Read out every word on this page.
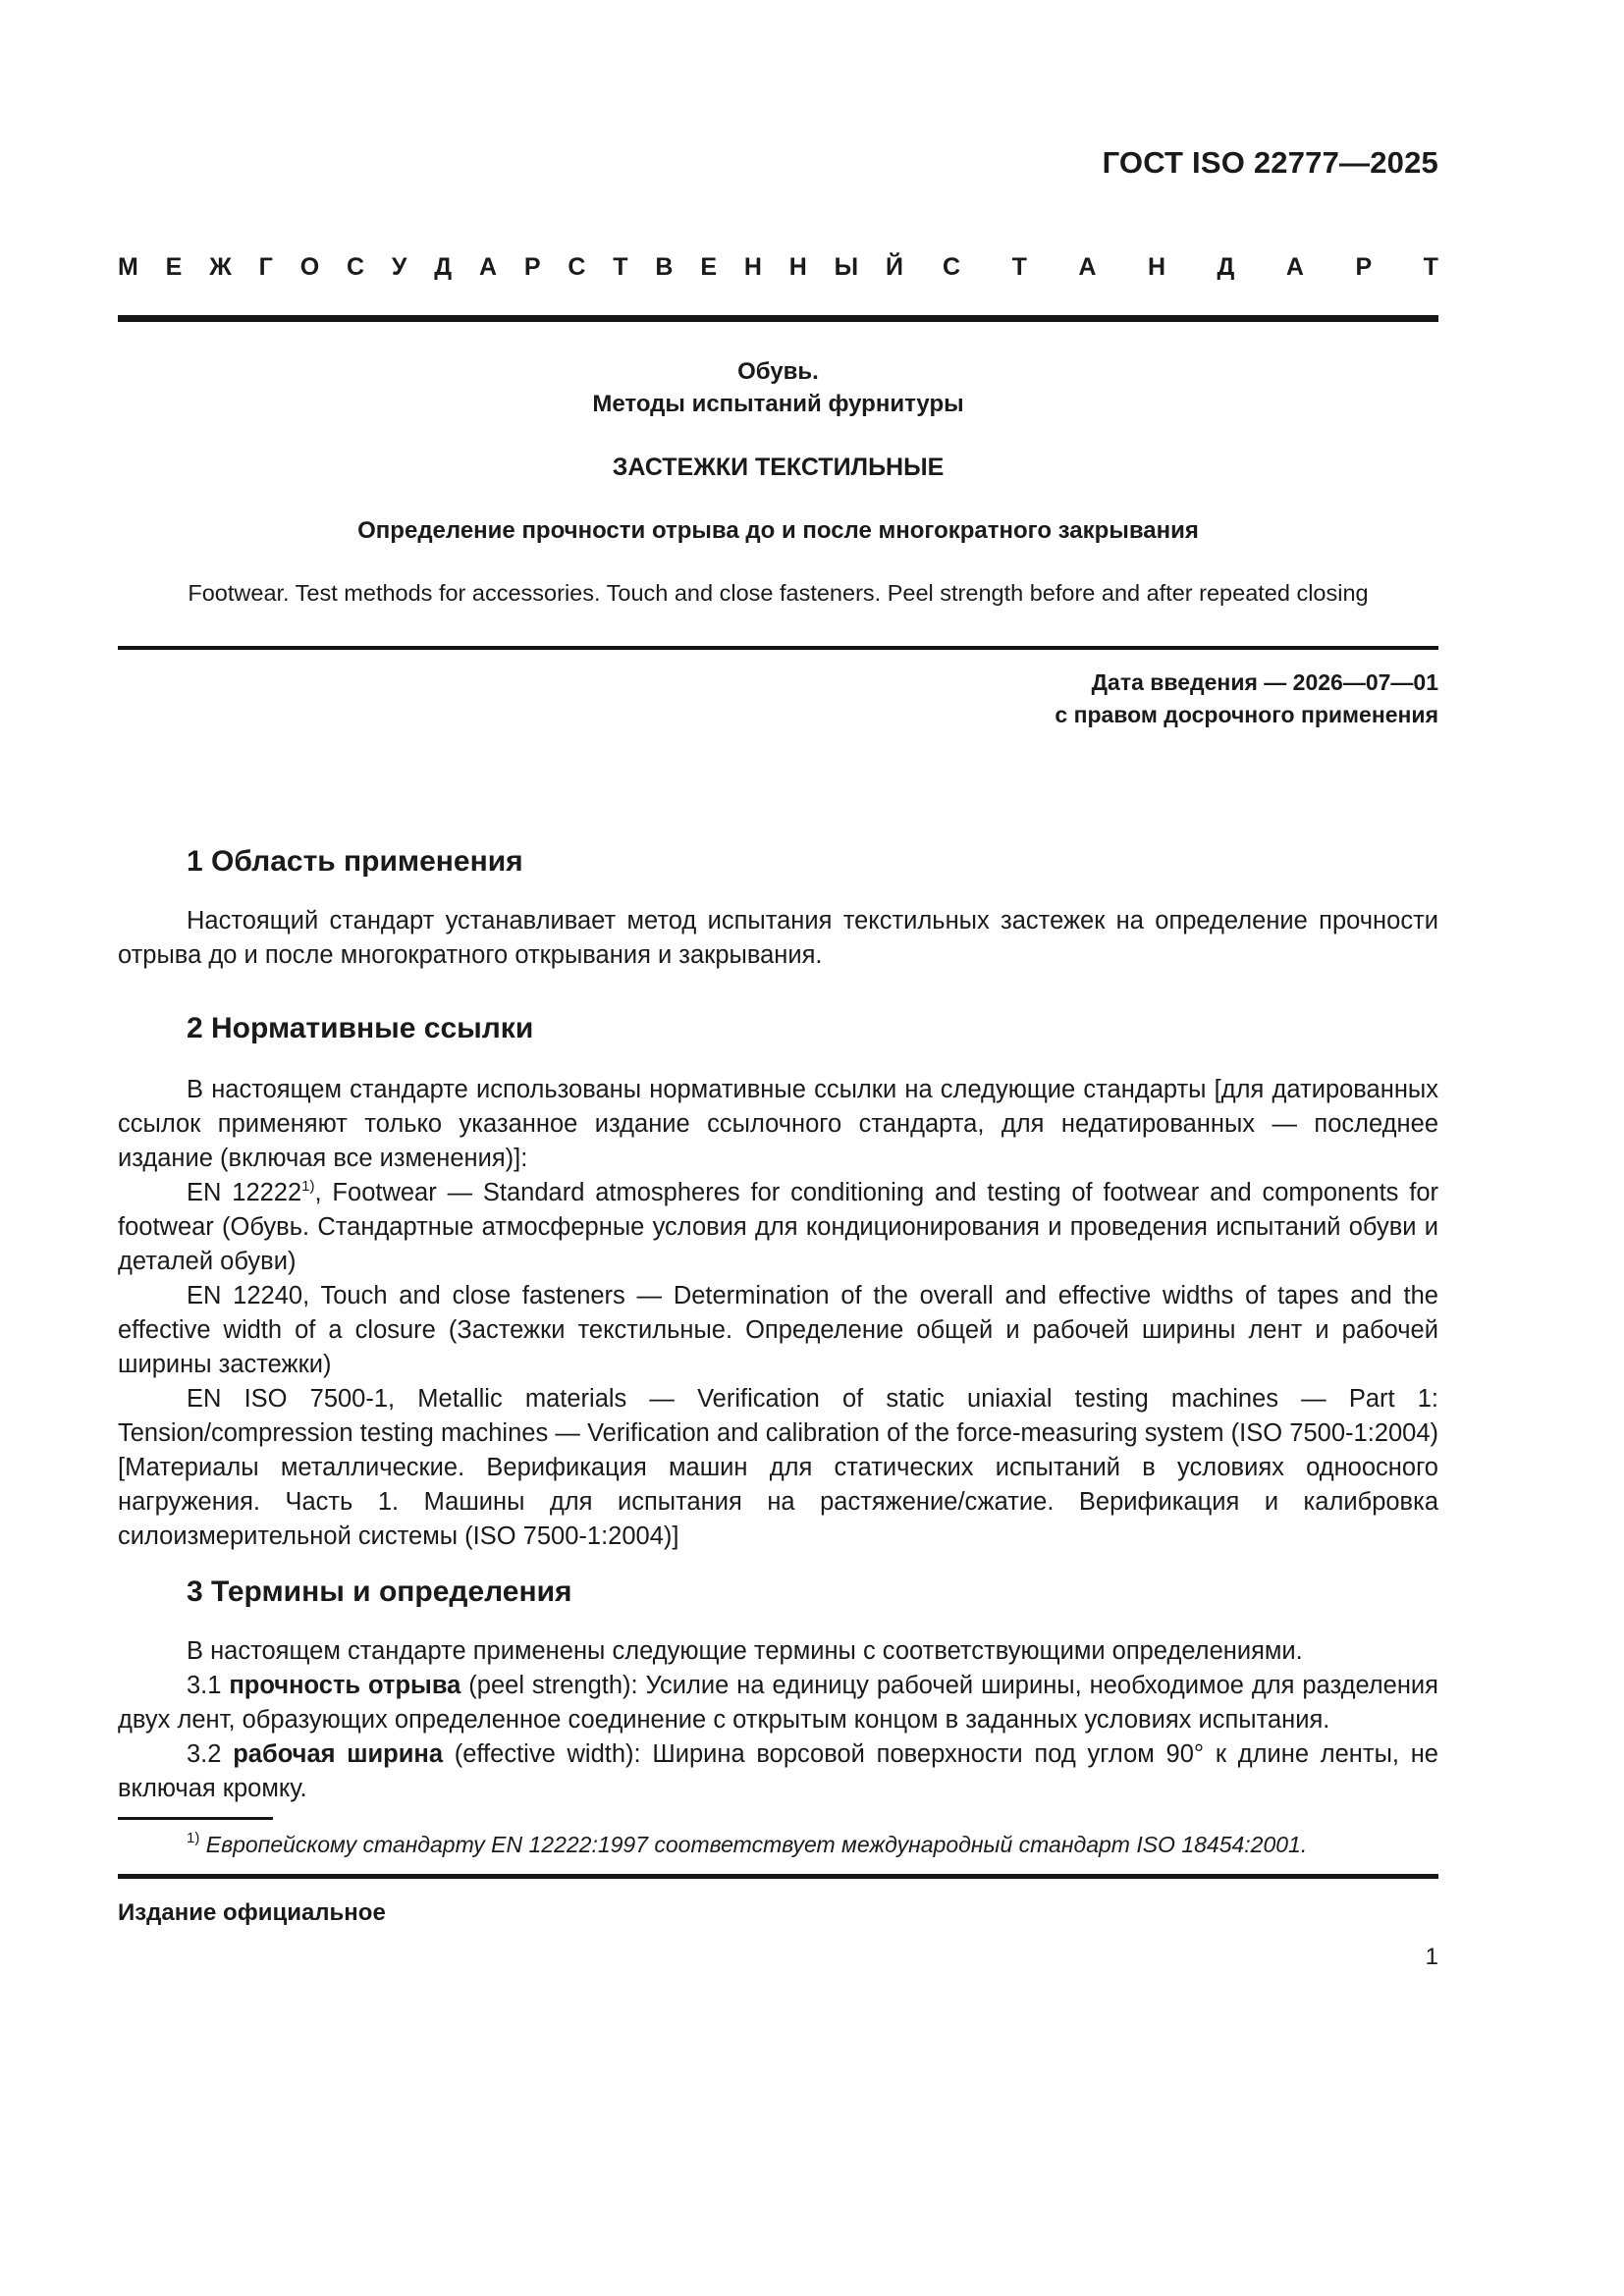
ГОСТ ISO 22777—2025
М Е Ж Г О С У Д А Р С Т В Е Н Н Ы Й С Т А Н Д А Р Т
Обувь.
Методы испытаний фурнитуры
ЗАСТЕЖКИ ТЕКСТИЛЬНЫЕ
Определение прочности отрыва до и после многократного закрывания
Footwear. Test methods for accessories. Touch and close fasteners. Peel strength before and after repeated closing
Дата введения — 2026—07—01
с правом досрочного применения
1 Область применения

Настоящий стандарт устанавливает метод испытания текстильных застежек на определение прочности отрыва до и после многократного открывания и закрывания.

2 Нормативные ссылки

В настоящем стандарте использованы нормативные ссылки на следующие стандарты [для датированных ссылок применяют только указанное издание ссылочного стандарта, для недатированных — последнее издание (включая все изменения)]:

EN 12222$^{1)}$, Footwear — Standard atmospheres for conditioning and testing of footwear and components for footwear (Обувь. Стандартные атмосферные условия для кондиционирования и проведения испытаний обуви и деталей обуви)

EN 12240, Touch and close fasteners — Determination of the overall and effective widths of tapes and the effective width of a closure (Застежки текстильные. Определение общей и рабочей ширины лент и рабочей ширины застежки)

EN ISO 7500-1, Metallic materials — Verification of static uniaxial testing machines — Part 1: Tension/compression testing machines — Verification and calibration of the force-measuring system (ISO 7500-1:2004) [Материалы металлические. Верификация машин для статических испытаний в условиях одноосного нагружения. Часть 1. Машины для испытания на растяжение/сжатие. Верификация и калибровка силоизмерительной системы (ISO 7500-1:2004)]

3 Термины и определения

В настоящем стандарте применены следующие термины с соответствующими определениями.

3.1 прочность отрыва (peel strength): Усилие на единицу рабочей ширины, необходимое для разделения двух лент, образующих определенное соединение с открытым концом в заданных условиях испытания.

3.2 рабочая ширина (effective width): Ширина ворсовой поверхности под углом 90° к длине ленты, не включая кромку.

$^{1)}$ Европейскому стандарту EN 12222:1997 соответствует международный стандарт ISO 18454:2001.
Издание официальное
1
